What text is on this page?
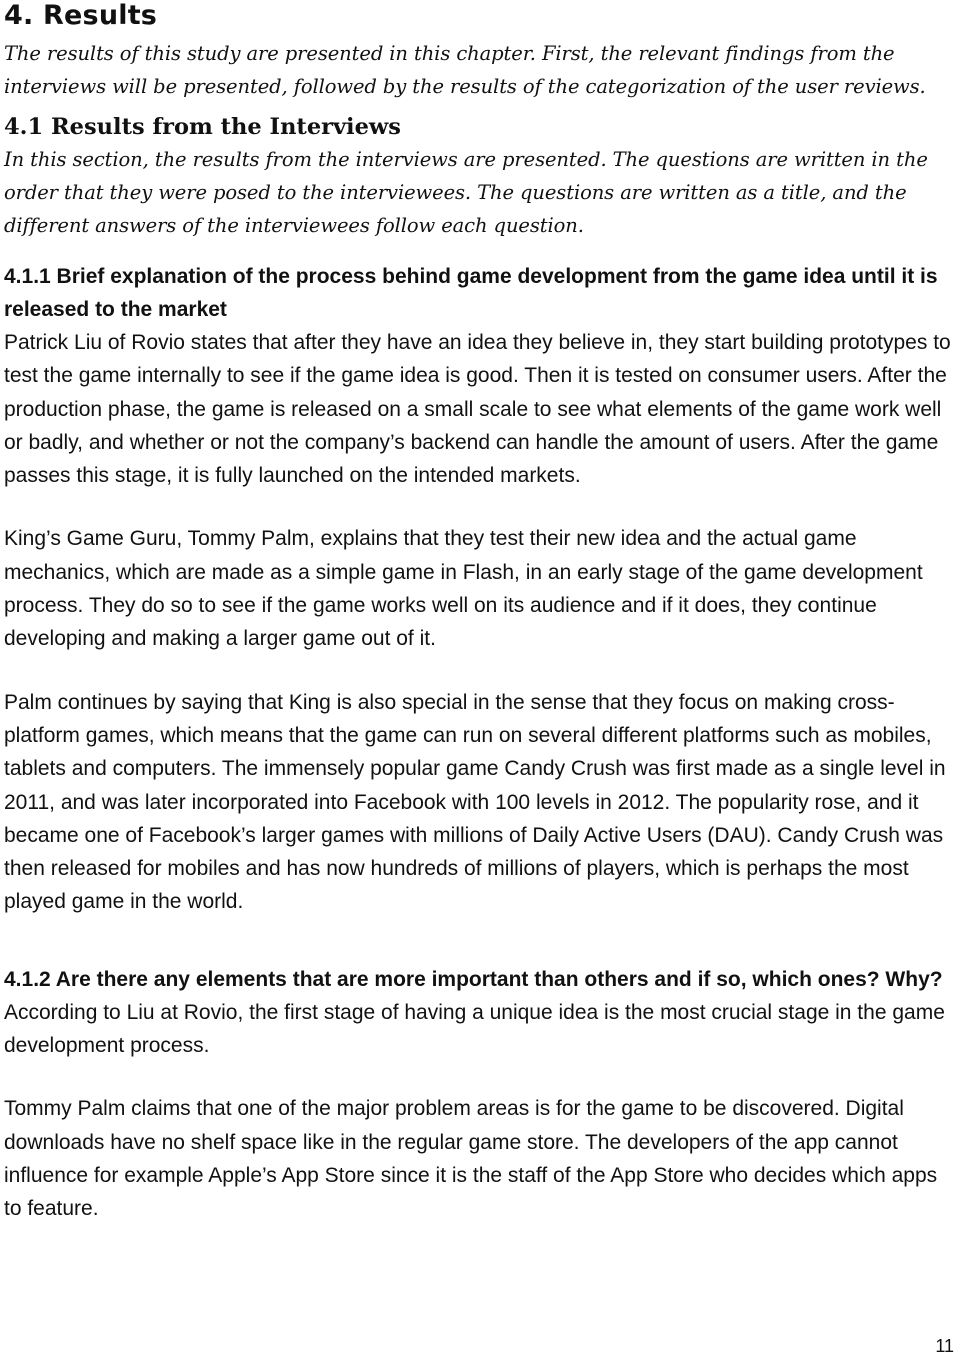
4. Results

The results of this study are presented in this chapter. First, the relevant findings from the interviews will be presented, followed by the results of the categorization of the user reviews.

4.1 Results from the Interviews

In this section, the results from the interviews are presented. The questions are written in the order that they were posed to the interviewees. The questions are written as a title, and the different answers of the interviewees follow each question.

4.1.1 Brief explanation of the process behind game development from the game idea until it is released to the market

Patrick Liu of Rovio states that after they have an idea they believe in, they start building prototypes to test the game internally to see if the game idea is good. Then it is tested on consumer users. After the production phase, the game is released on a small scale to see what elements of the game work well or badly, and whether or not the company’s backend can handle the amount of users. After the game passes this stage, it is fully launched on the intended markets.

King’s Game Guru, Tommy Palm, explains that they test their new idea and the actual game mechanics, which are made as a simple game in Flash, in an early stage of the game development process. They do so to see if the game works well on its audience and if it does, they continue developing and making a larger game out of it.

Palm continues by saying that King is also special in the sense that they focus on making cross-platform games, which means that the game can run on several different platforms such as mobiles, tablets and computers. The immensely popular game Candy Crush was first made as a single level in 2011, and was later incorporated into Facebook with 100 levels in 2012. The popularity rose, and it became one of Facebook’s larger games with millions of Daily Active Users (DAU). Candy Crush was then released for mobiles and has now hundreds of millions of players, which is perhaps the most played game in the world.

4.1.2 Are there any elements that are more important than others and if so, which ones? Why?

According to Liu at Rovio, the first stage of having a unique idea is the most crucial stage in the game development process.

Tommy Palm claims that one of the major problem areas is for the game to be discovered. Digital downloads have no shelf space like in the regular game store. The developers of the app cannot influence for example Apple’s App Store since it is the staff of the App Store who decides which apps to feature.

11
